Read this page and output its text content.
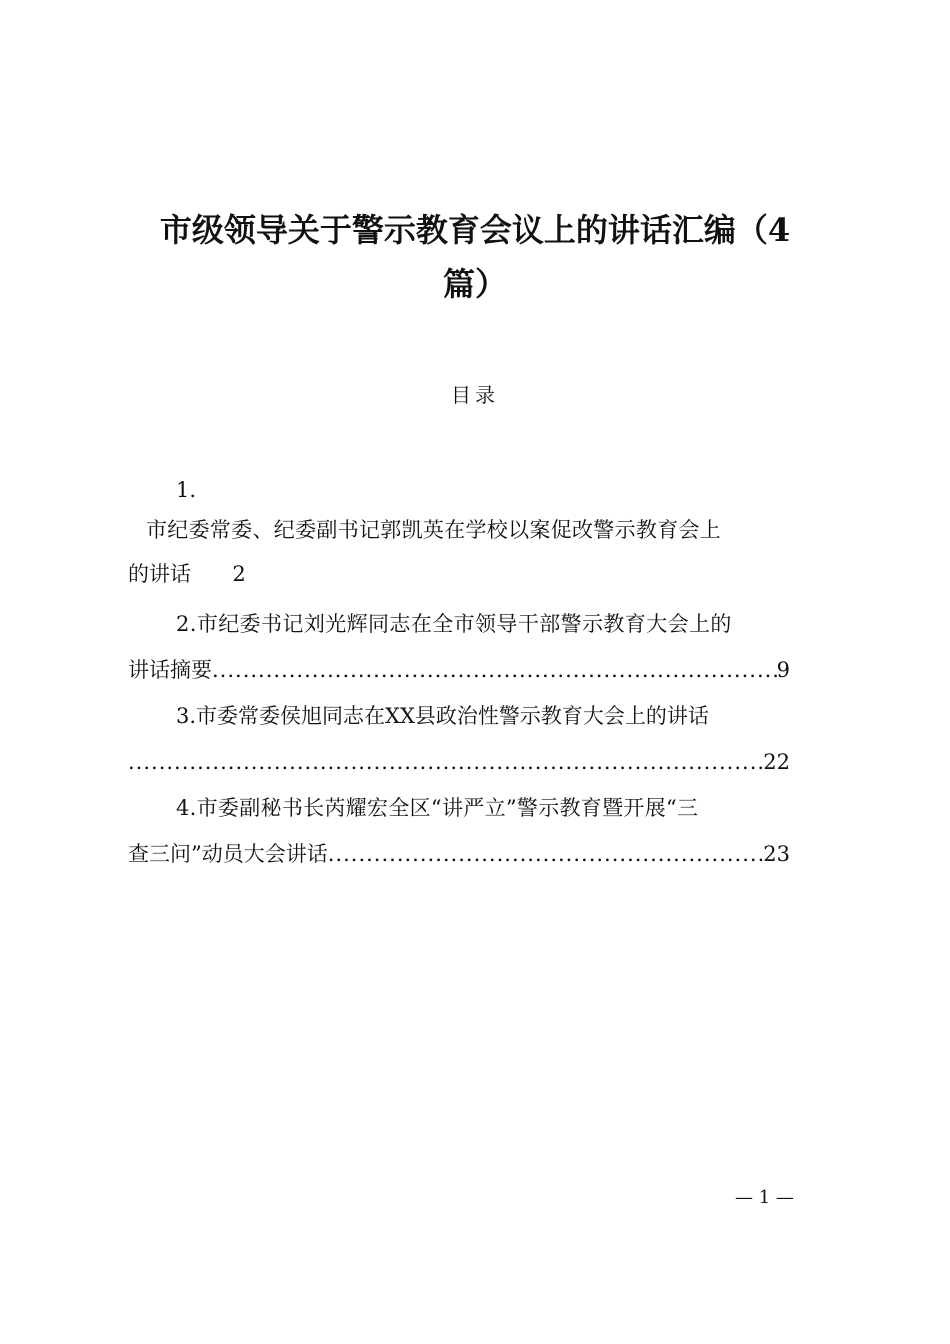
市级领导关于警示教育会议上的讲话汇编（4
篇）
目录
1.
市纪委常委、纪委副书记郭凯英在学校以案促改警示教育会上
的讲话 2
2.市纪委书记刘光辉同志在全市领导干部警示教育大会上的
讲话摘要 .....	9
3.市委常委侯旭同志在XX县政治性警示教育大会上的讲话
.....
22
4.市委副秘书长芮耀宏全区“讲严立”警示教育暨开展“三
查三问”动员大会讲话 .....	23
— 1 —
